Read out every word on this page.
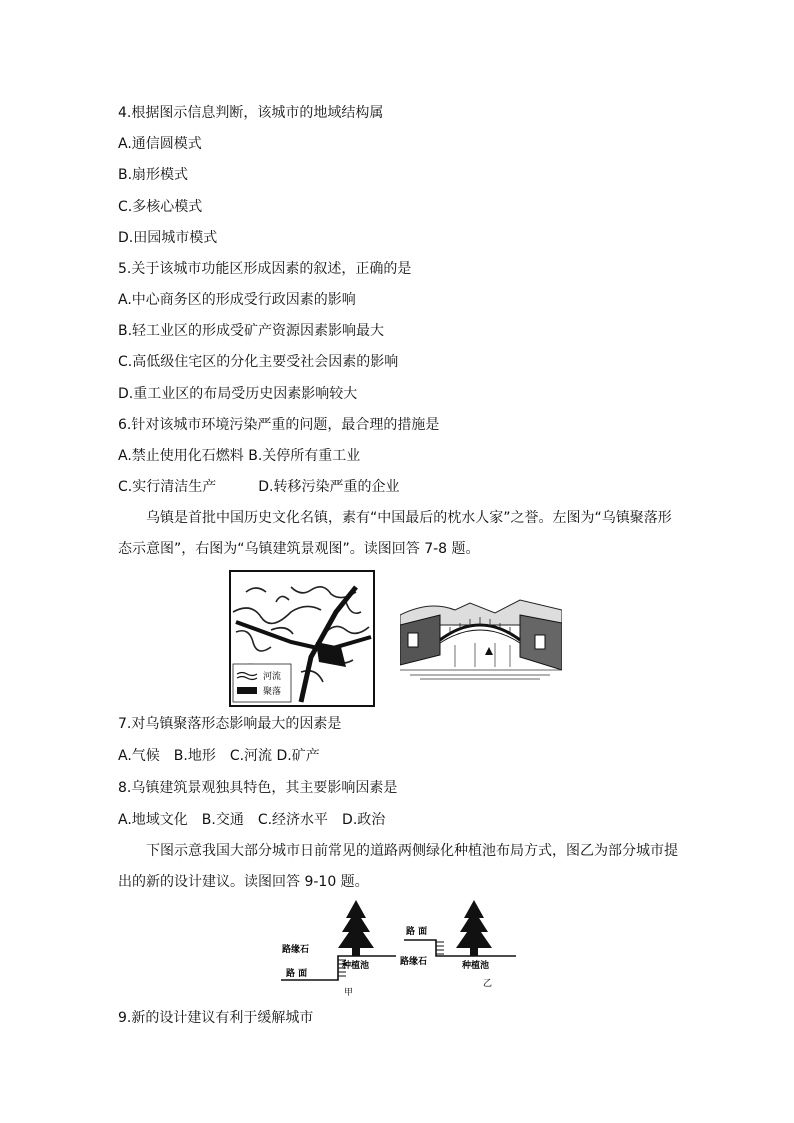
4.根据图示信息判断，该城市的地域结构属
A.通信圆模式
B.扇形模式
C.多核心模式
D.田园城市模式
5.关于该城市功能区形成因素的叙述，正确的是
A.中心商务区的形成受行政因素的影响
B.轻工业区的形成受矿产资源因素影响最大
C.高低级住宅区的分化主要受社会因素的影响
D.重工业区的布局受历史因素影响较大
6.针对该城市环境污染严重的问题，最合理的措施是
A.禁止使用化石燃料 B.关停所有重工业
C.实行清洁生产　　　D.转移污染严重的企业
乌镇是首批中国历史文化名镇，素有“中国最后的枕水人家”之誉。左图为“乌镇聚落形态示意图”，右图为“乌镇建筑景观图”。读图回答 7-8 题。
河流
聚落
7.对乌镇聚落形态影响最大的因素是
A.气候　B.地形　C.河流 D.矿产
8.乌镇建筑景观独具特色，其主要影响因素是
A.地域文化　B.交通　C.经济水平　D.政治
下图示意我国大部分城市日前常见的道路两侧绿化种植池布局方式，图乙为部分城市提出的新的设计建议。读图回答 9-10 题。
路缘石
路 面
种植池
甲
路 面
路缘石	种植池
乙
9.新的设计建议有利于缓解城市
